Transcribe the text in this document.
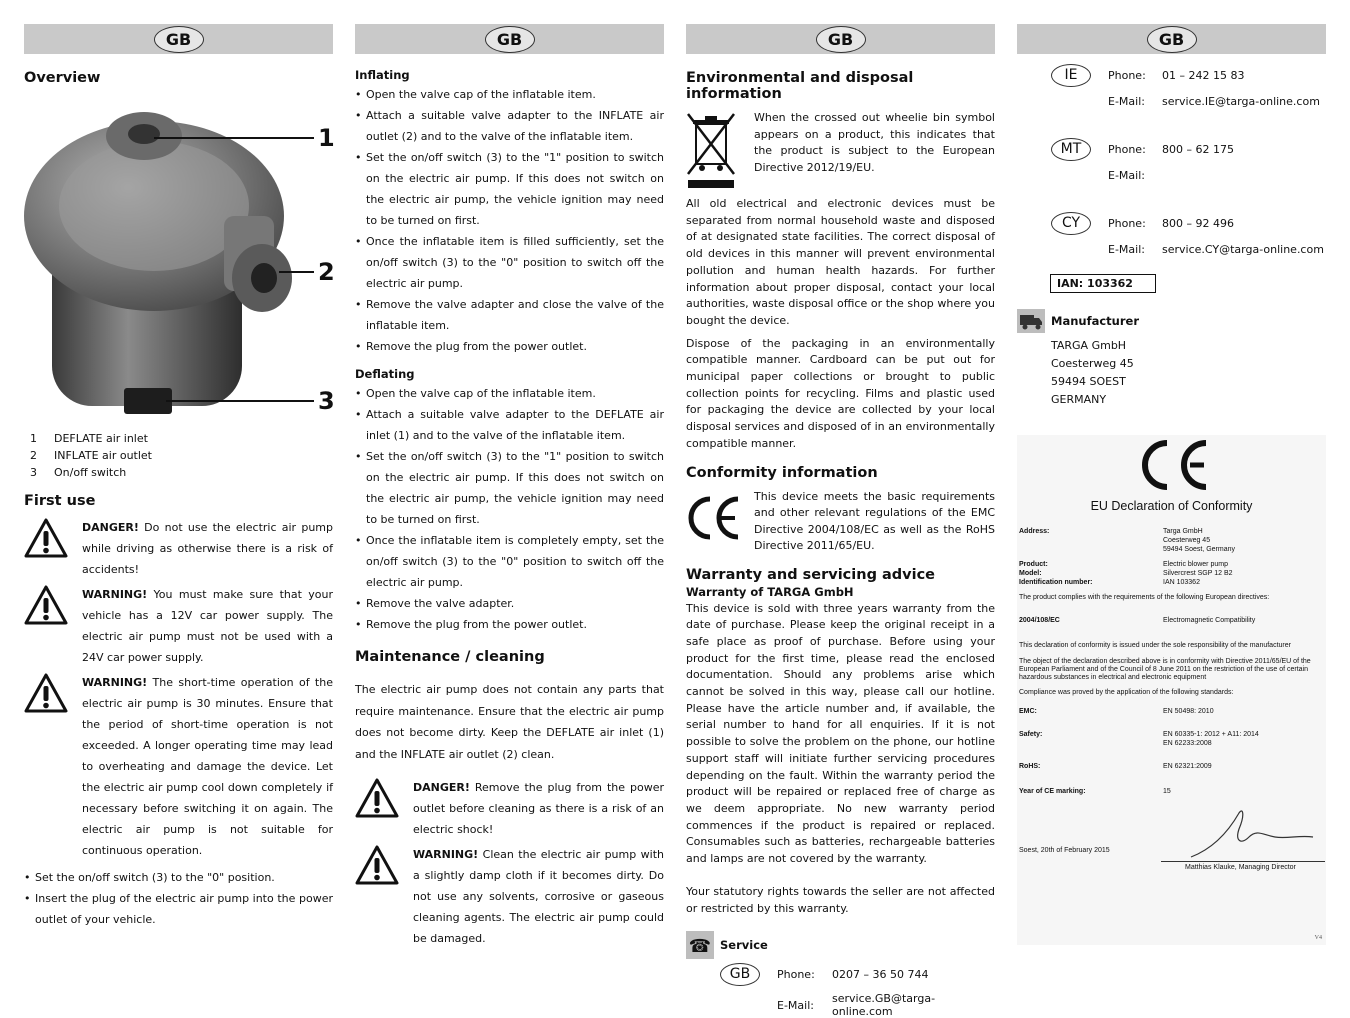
GB
Overview
1
2
3
1	DEFLATE air inlet
2	INFLATE air outlet
3	On/off switch
First use

DANGER! Do not use the electric air pump while driving as otherwise there is a risk of accidents!

WARNING! You must make sure that your vehicle has a 12V car power supply. The electric air pump must not be used with a 24V car power supply.

WARNING! The short-time operation of the electric air pump is 30 minutes. Ensure that the period of short-time operation is not exceeded. A longer operating time may lead to overheating and damage the device. Let the electric air pump cool down completely if necessary before switching it on again. The electric air pump is not suitable for continuous operation.

• Set the on/off switch (3) to the "0" position.
• Insert the plug of the electric air pump into the power outlet of your vehicle.
GB
Inflating
• Open the valve cap of the inflatable item.
• Attach a suitable valve adapter to the INFLATE air outlet (2) and to the valve of the inflatable item.
• Set the on/off switch (3) to the "1" position to switch on the electric air pump. If this does not switch on the electric air pump, the vehicle ignition may need to be turned on first.
• Once the inflatable item is filled sufficiently, set the on/off switch (3) to the "0" position to switch off the electric air pump.
• Remove the valve adapter and close the valve of the inflatable item.
• Remove the plug from the power outlet.
Deflating
• Open the valve cap of the inflatable item.
• Attach a suitable valve adapter to the DEFLATE air inlet (1) and to the valve of the inflatable item.
• Set the on/off switch (3) to the "1" position to switch on the electric air pump. If this does not switch on the electric air pump, the vehicle ignition may need to be turned on first.
• Once the inflatable item is completely empty, set the on/off switch (3) to the "0" position to switch off the electric air pump.
• Remove the valve adapter.
• Remove the plug from the power outlet.
Maintenance / cleaning

The electric air pump does not contain any parts that require maintenance. Ensure that the electric air pump does not become dirty. Keep the DEFLATE air inlet (1) and the INFLATE air outlet (2) clean.

DANGER! Remove the plug from the power outlet before cleaning as there is a risk of an electric shock!

WARNING! Clean the electric air pump with a slightly damp cloth if it becomes dirty. Do not use any solvents, corrosive or gaseous cleaning agents. The electric air pump could be damaged.

GB
Environmental and disposal information

When the crossed out wheelie bin symbol appears on a product, this indicates that the product is subject to the European Directive 2012/19/EU.

All old electrical and electronic devices must be separated from normal household waste and disposed of at designated state facilities. The correct disposal of old devices in this manner will prevent environmental pollution and human health hazards. For further information about proper disposal, contact your local authorities, waste disposal office or the shop where you bought the device.

Dispose of the packaging in an environmentally compatible manner. Cardboard can be put out for municipal paper collections or brought to public collection points for recycling. Films and plastic used for packaging the device are collected by your local disposal services and disposed of in an environmentally compatible manner.

Conformity information

This device meets the basic requirements and other relevant regulations of the EMC Directive 2004/108/EC as well as the RoHS Directive 2011/65/EU.

Warranty and servicing advice
Warranty of TARGA GmbH

This device is sold with three years warranty from the date of purchase. Please keep the original receipt in a safe place as proof of purchase. Before using your product for the first time, please read the enclosed documentation. Should any problems arise which cannot be solved in this way, please call our hotline. Please have the article number and, if available, the serial number to hand for all enquiries. If it is not possible to solve the problem on the phone, our hotline support staff will initiate further servicing procedures depending on the fault. Within the warranty period the product will be repaired or replaced free of charge as we deem appropriate. No new warranty period commences if the product is repaired or replaced. Consumables such as batteries, rechargeable batteries and lamps are not covered by the warranty.

Your statutory rights towards the seller are not affected or restricted by this warranty.

☎ Service
GB	Phone:	0207 – 36 50 744
E-Mail:	service.GB@targa-online.com
GB
IE	Phone:	01 – 242 15 83
E-Mail:	service.IE@targa-online.com
MT	Phone:	800 – 62 175
E-Mail:
CY	Phone:	800 – 92 496
E-Mail:	service.CY@targa-online.com
IAN: 103362
Manufacturer
TARGA GmbH
Coesterweg 45
59494 SOEST
GERMANY
EU Declaration of Conformity
Address:	Targa GmbH
Coesterweg 45
59494 Soest, Germany
Product:	Electric blower pump
Model:	Silvercrest SGP 12 B2
Identification number:	IAN 103362
The product complies with the requirements of the following European directives:
2004/108/EC	Electromagnetic Compatibility
This declaration of conformity is issued under the sole responsibility of the manufacturer
The object of the declaration described above is in conformity with Directive 2011/65/EU of the European Parliament and of the Council of 8 June 2011 on the restriction of the use of certain hazardous substances in electrical and electronic equipment
Compliance was proved by the application of the following standards:
EMC:	EN 50498: 2010
Safety:	EN 60335-1: 2012 + A11: 2014
EN 62233:2008
RoHS:	EN 62321:2009
Year of CE marking:	15
Soest, 20th of February 2015
Matthias Klauke, Managing Director
V4
